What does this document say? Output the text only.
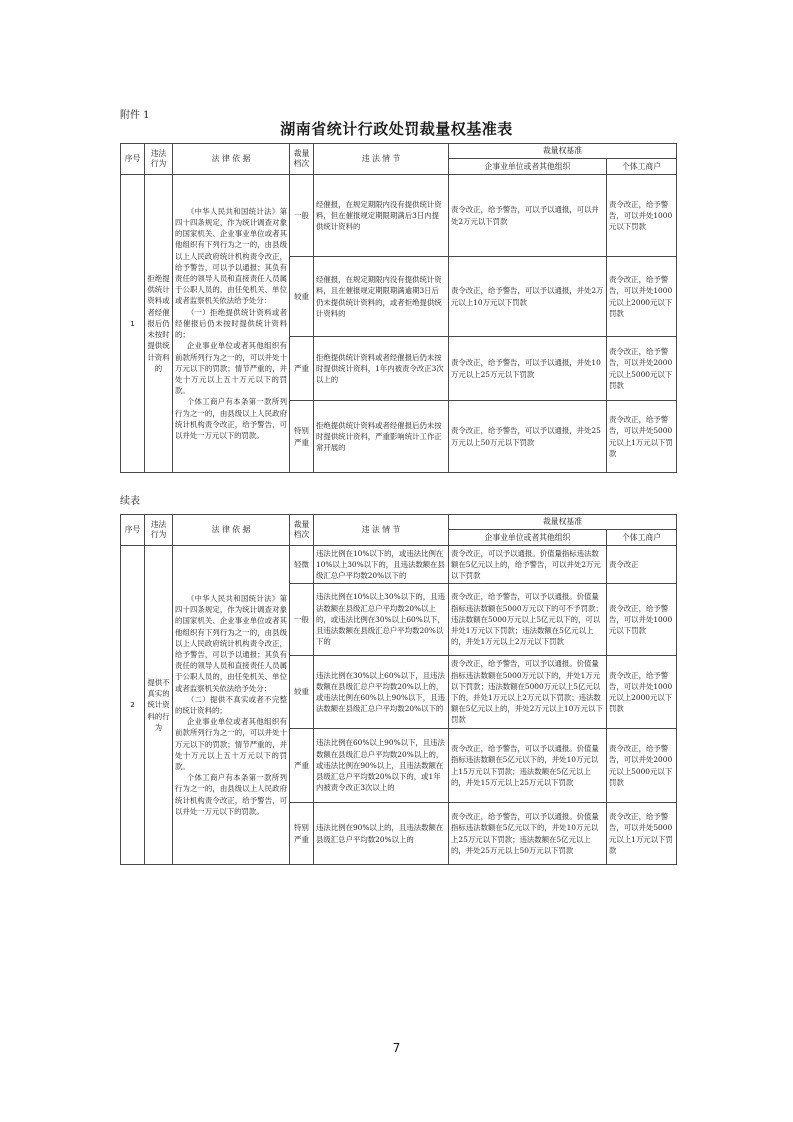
附件 1
湖南省统计行政处罚裁量权基准表
序号	违法行为	法 律 依 据	裁量档次	违 法 情 节	裁量权基准	
					企事业单位或者其他组织	个体工商户
1	拒绝提供统计资料或者经催报后仍未按时提供统计资料的	《中华人民共和国统计法》第四十四条规定，作为统计调查对象的国家机关、企业事业单位或者其他组织有下列行为之一的，由县级以上人民政府统计机构责令改正，给予警告，可以予以通报；其负有责任的领导人员和直接责任人员属于公职人员的，由任免机关、单位或者监察机关依法给予处分：

（一）拒绝提供统计资料或者经催报后仍未按时提供统计资料的；

企业事业单位或者其他组织有前款所列行为之一的，可以并处十万元以下的罚款；情节严重的，并处十万元以上五十万元以下的罚款。

个体工商户有本条第一款所列行为之一的，由县级以上人民政府统计机构责令改正，给予警告，可以并处一万元以下的罚款。	一般	经催报，在规定期限内没有提供统计资料，但在催报规定期限期满后3日内提供统计资料的	责令改正，给予警告，可以予以通报，可以并处2万元以下罚款	责令改正，给予警告，可以并处1000元以下罚款
			较重	经催报，在规定期限内没有提供统计资料，且在催报规定期限期满逾期3日后仍未提供统计资料的，或者拒绝提供统计资料的	责令改正，给予警告，可以予以通报，并处2万元以上10万元以下罚款	责令改正，给予警告，可以并处1000元以上2000元以下罚款
			严重	拒绝提供统计资料或者经催报后仍未按时提供统计资料，1年内被责令改正3次以上的	责令改正，给予警告，可以予以通报，并处10万元以上25万元以下罚款	责令改正，给予警告，可以并处2000元以上5000元以下罚款
			特别严重	拒绝提供统计资料或者经催报后仍未按时提供统计资料，严重影响统计工作正常开展的	责令改正，给予警告，可以予以通报，并处25万元以上50万元以下罚款	责令改正，给予警告，可以并处5000元以上1万元以下罚款
续表
序号	违法行为	法 律 依 据	裁量档次	违 法 情 节	裁量权基准	
					企事业单位或者其他组织	个体工商户
2	提供不真实的统计资料的行为	《中华人民共和国统计法》第四十四条规定，作为统计调查对象的国家机关、企业事业单位或者其他组织有下列行为之一的，由县级以上人民政府统计机构责令改正，给予警告，可以予以通报；其负有责任的领导人员和直接责任人员属于公职人员的，由任免机关、单位或者监察机关依法给予处分：

（二）提供不真实或者不完整的统计资料的；

企业事业单位或者其他组织有前款所列行为之一的，可以并处十万元以下的罚款；情节严重的，并处十万元以上五十万元以下的罚款。

个体工商户有本条第一款所列行为之一的，由县级以上人民政府统计机构责令改正，给予警告，可以并处一万元以下的罚款。	轻微	违法比例在10%以下的，或违法比例在10%以上30%以下的，且违法数额在县级汇总户平均数20%以下的	责令改正，可以予以通报。价值量指标违法数额在5亿元以上的，给予警告，可以并处2万元以下罚款	责令改正
			一般	违法比例在10%以上30%以下的，且违法数额在县级汇总户平均数20%以上的，或违法比例在30%以上60%以下，且违法数额在县级汇总户平均数20%以下的	责令改正，给予警告，可以予以通报。价值量指标违法数额在5000万元以下的可不予罚款；违法数额在5000万元以上5亿元以下的，可以并处1万元以下罚款；违法数额在5亿元以上的，并处1万元以上2万元以下罚款	责令改正，给予警告，可以并处1000元以下罚款
			较重	违法比例在30%以上60%以下，且违法数额在县级汇总户平均数20%以上的，或违法比例在60%以上90%以下，且违法数额在县级汇总户平均数20%以下的	责令改正，给予警告，可以予以通报。价值量指标违法数额在5000万元以下的，并处1万元以下罚款；违法数额在5000万元以上5亿元以下的，并处1万元以上2万元以下罚款；违法数额在5亿元以上的，并处2万元以上10万元以下罚款	责令改正，给予警告，可以并处1000元以上2000元以下罚款
			严重	违法比例在60%以上90%以下，且违法数额在县级汇总户平均数20%以上的，或违法比例在90%以上，且违法数额在县级汇总户平均数20%以下的，或1年内被责令改正3次以上的	责令改正，给予警告，可以予以通报。价值量指标违法数额在5亿元以下的，并处10万元以上15万元以下罚款；违法数额在5亿元以上的，并处15万元以上25万元以下罚款	责令改正，给予警告，可以并处2000元以上5000元以下罚款
			特别严重	违法比例在90%以上的，且违法数额在县级汇总户平均数20%以上的	责令改正，给予警告，可以予以通报。价值量指标违法数额在5亿元以下的，并处10万元以上25万元以下罚款；违法数额在5亿元以上的，并处25万元以上50万元以下罚款	责令改正，给予警告，可以并处5000元以上1万元以下罚款
7
